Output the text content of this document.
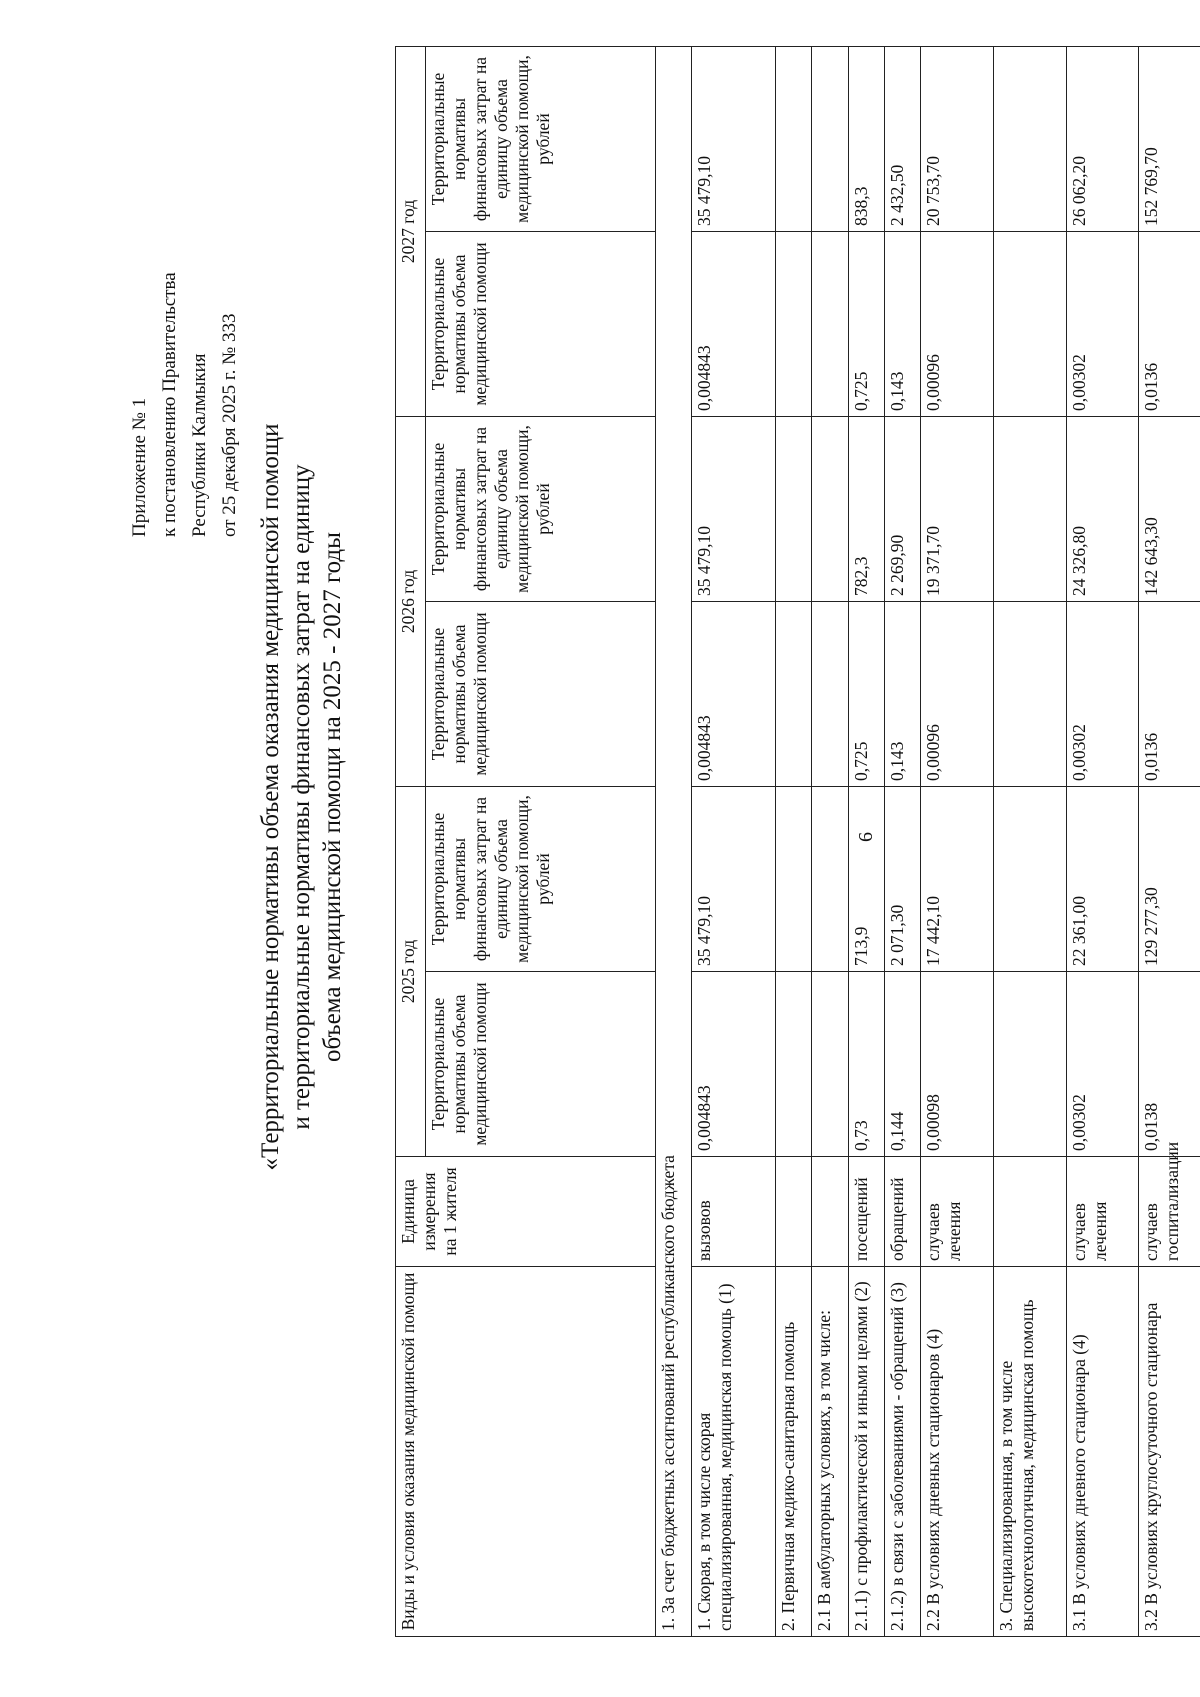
Приложение № 1 к постановлению Правительства Республики Калмыкия от 25 декабря 2025 г. № 333 «Территориальные нормативы объема оказания медицинской помощи и территориальные нормативы финансовых затрат на единицу объема медицинской помощи на 2025 - 2027 годы
Виды и условия оказания медицинской помощи	Единица измерения на 1 жителя	2025 год		2026 год		2027 год	
		Территориальные нормативы объема медицинской помощи	Территориальные нормативы финансовых затрат на единицу объема медицинской помощи, рублей	Территориальные нормативы объема медицинской помощи	Территориальные нормативы финансовых затрат на единицу объема медицинской помощи, рублей	Территориальные нормативы объема медицинской помощи	Территориальные нормативы финансовых затрат на единицу объема медицинской помощи, рублей
1. За счет бюджетных ассигнований республиканского бюджета							
1. Скорая, в том числе скорая специализированная, медицинская помощь (1)	вызовов	0,004843	35 479,10	0,004843	35 479,10	0,004843	35 479,10
2. Первичная медико-санитарная помощь							
2.1 В амбулаторных условиях, в том числе:							
2.1.1) с профилактической и иными целями (2)	посещений	0,73	713,9	0,725	782,3	0,725	838,3
2.1.2) в связи с заболеваниями - обращений (3)	обращений	0,144	2 071,30	0,143	2 269,90	0,143	2 432,50
2.2 В условиях дневных стационаров (4)	случаев лечения	0,00098	17 442,10	0,00096	19 371,70	0,00096	20 753,70
3. Специализированная, в том числе высокотехнологичная, медицинская помощь							
3.1 В условиях дневного стационара (4)	случаев лечения	0,00302	22 361,00	0,00302	24 326,80	0,00302	26 062,20
3.2 В условиях круглосуточного стационара	случаев госпитализации	0,0138	129 277,30	0,0136	142 643,30	0,0136	152 769,70
6
